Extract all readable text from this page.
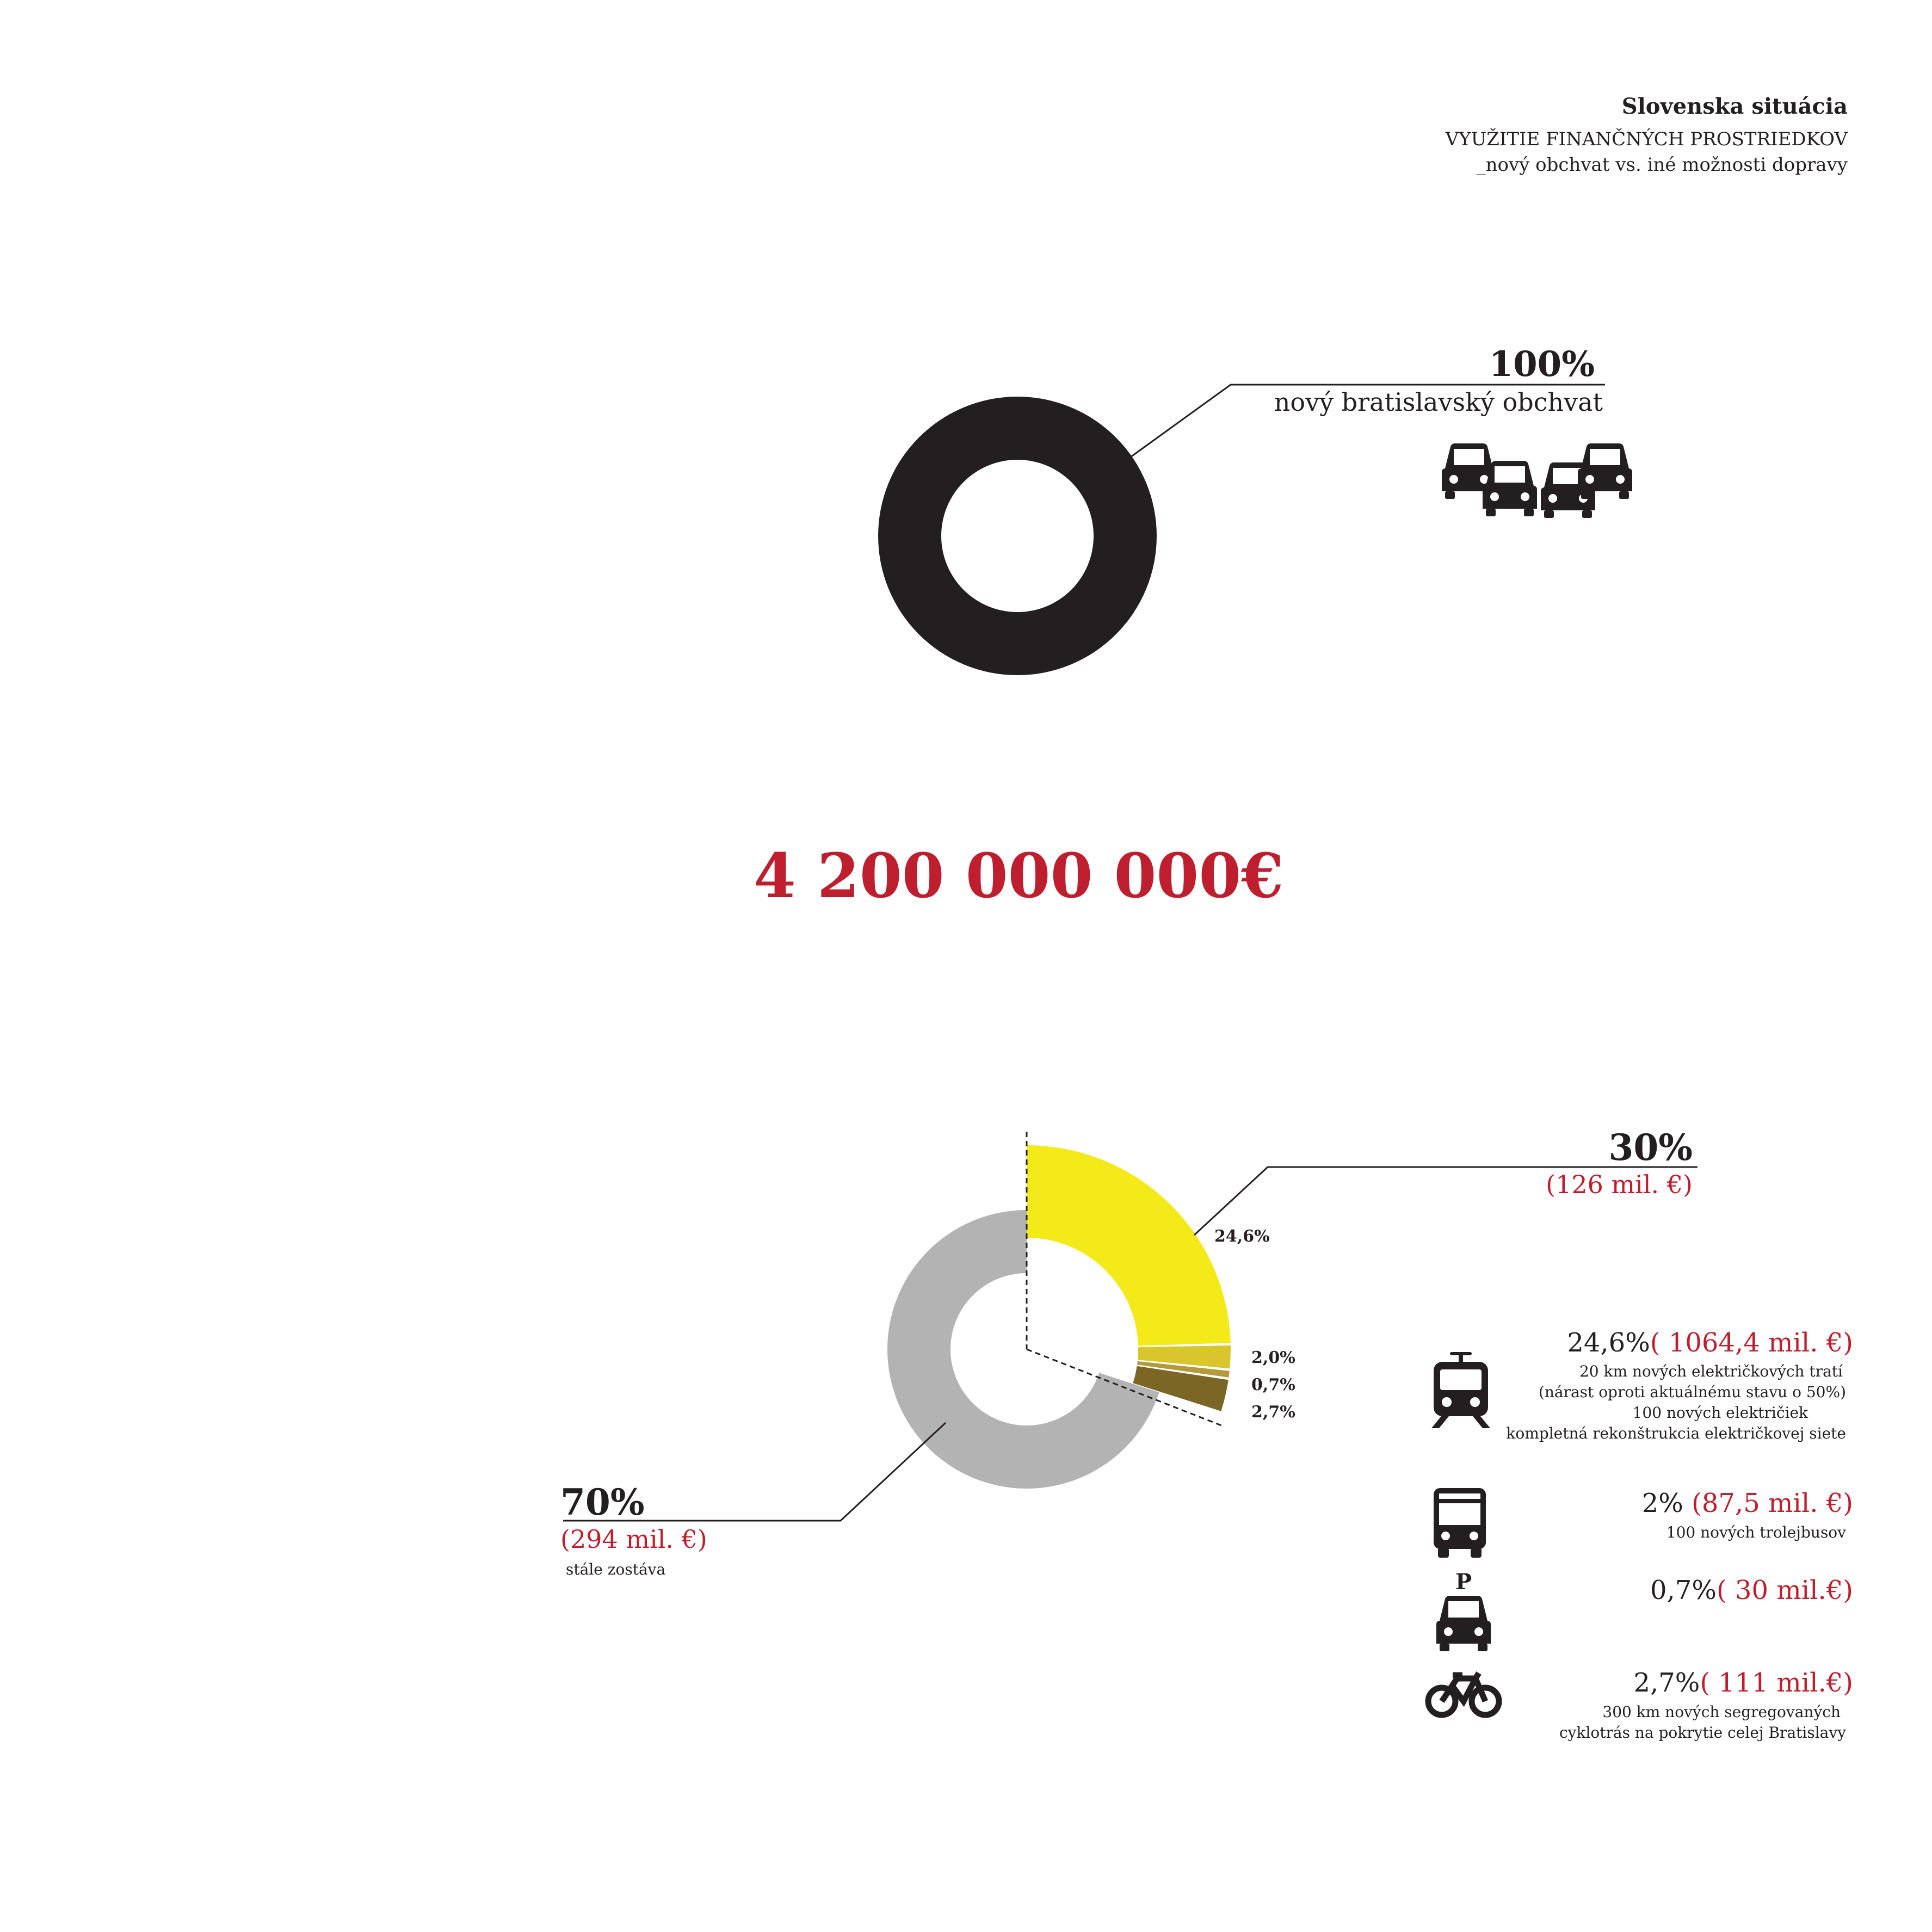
Slovenska situácia
VYUŽITIE FINANČNÝCH PROSTRIEDKOV
_nový obchvat vs. iné možnosti dopravy
P
100%
nový bratislavský obchvat
4 200 000 000€
30%
(126 mil. €)
70%
(294 mil. €)
stále zostáva
24,6%
2,0%
0,7%
2,7%
24,6%( 1064,4 mil. €)
20 km nových električkových tratí
(nárast oproti aktuálnému stavu o 50%)
100 nových električiek
kompletná rekonštrukcia električkovej siete
2% (87,5 mil. €)
100 nových trolejbusov
0,7%( 30 mil.€)
2,7%( 111 mil.€)
300 km nových segregovaných
cyklotrás na pokrytie celej Bratislavy
